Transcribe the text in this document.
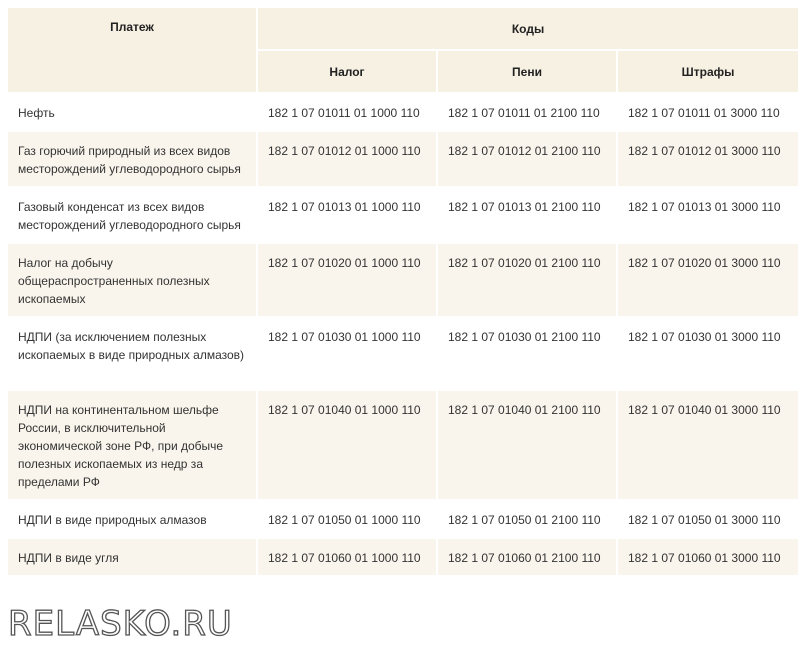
Платеж	Коды		
	Налог	Пени	Штрафы
Нефть	182 1 07 01011 01 1000 110	182 1 07 01011 01 2100 110	182 1 07 01011 01 3000 110
Газ горючий природный из всех видов месторождений углеводородного сырья	182 1 07 01012 01 1000 110	182 1 07 01012 01 2100 110	182 1 07 01012 01 3000 110
Газовый конденсат из всех видов месторождений углеводородного сырья	182 1 07 01013 01 1000 110	182 1 07 01013 01 2100 110	182 1 07 01013 01 3000 110
Налог на добычу общераспространенных полезных ископаемых	182 1 07 01020 01 1000 110	182 1 07 01020 01 2100 110	182 1 07 01020 01 3000 110
НДПИ (за исключением полезных ископаемых в виде природных алмазов)	182 1 07 01030 01 1000 110	182 1 07 01030 01 2100 110	182 1 07 01030 01 3000 110
НДПИ на континентальном шельфе России, в исключительной экономической зоне РФ, при добыче полезных ископаемых из недр за пределами РФ	182 1 07 01040 01 1000 110	182 1 07 01040 01 2100 110	182 1 07 01040 01 3000 110
НДПИ в виде природных алмазов	182 1 07 01050 01 1000 110	182 1 07 01050 01 2100 110	182 1 07 01050 01 3000 110
НДПИ в виде угля	182 1 07 01060 01 1000 110	182 1 07 01060 01 2100 110	182 1 07 01060 01 3000 110
RELASKO.RU
